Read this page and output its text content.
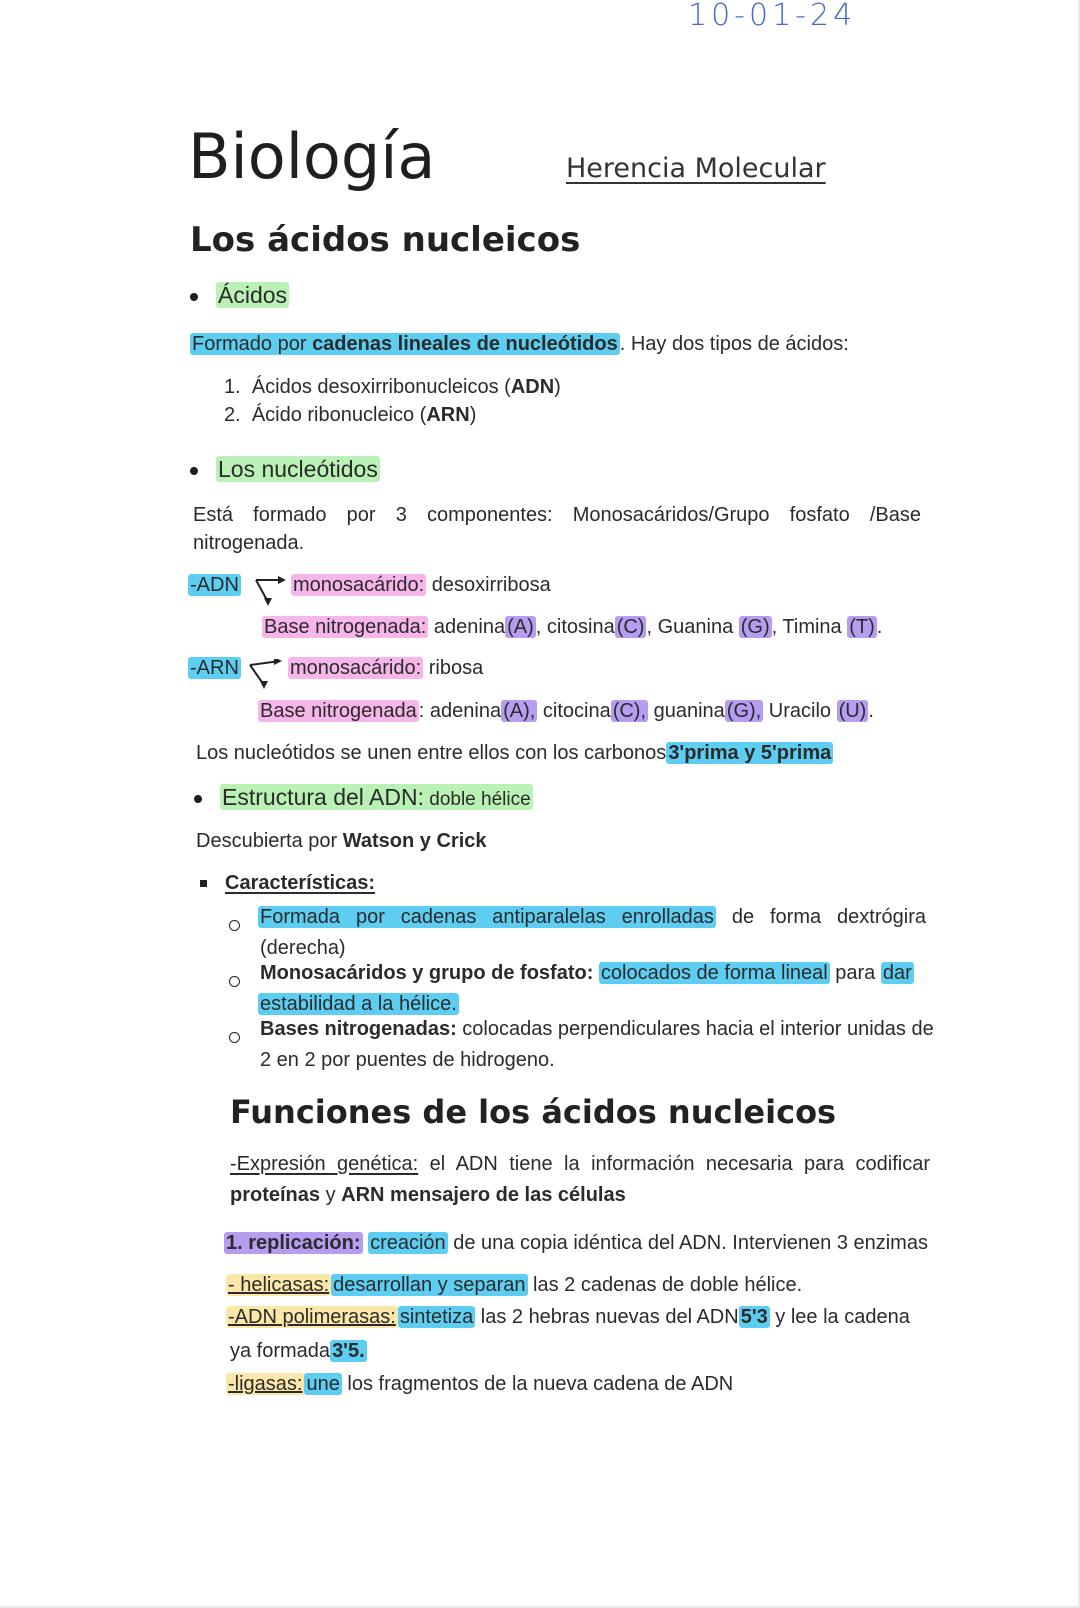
10-01-24
Biología	Herencia Molecular
Los ácidos nucleicos
Ácidos
Formado por cadenas lineales de nucleótidos . Hay dos tipos de ácidos:
1. Ácidos desoxirribonucleicos (ADN)
2. Ácido ribonucleico (ARN)
Los nucleótidos
Está formado por 3 componentes: Monosacáridos/Grupo fosfato /Base
nitrogenada.
-ADN	monosacárido: desoxirribosa
Base nitrogenada: adenina (A) , citosina (C) , Guanina (G) , Timina (T) .
-ARN	monosacárido: ribosa
Base nitrogenada : adenina (A), citocina (C), guanina (G), Uracilo (U) .
Los nucleótidos se unen entre ellos con los carbonos 3'prima y 5'prima
Estructura del ADN: doble hélice
Descubierta por Watson y Crick
Características:
Formada por cadenas antiparalelas enrolladas de forma dextrógira
(derecha)
Monosacáridos y grupo de fosfato: colocados de forma lineal para dar
estabilidad a la hélice.
Bases nitrogenadas: colocadas perpendiculares hacia el interior unidas de
2 en 2 por puentes de hidrogeno.
Funciones de los ácidos nucleicos
-Expresión genética: el ADN tiene la información necesaria para codificar
proteínas y ARN mensajero de las células
1. replicación: creación de una copia idéntica del ADN. Intervienen 3 enzimas
- helicasas: desarrollan y separan las 2 cadenas de doble hélice.
-ADN polimerasas: sintetiza las 2 hebras nuevas del ADN 5'3 y lee la cadena
ya formada 3'5.
-ligasas: une los fragmentos de la nueva cadena de ADN
